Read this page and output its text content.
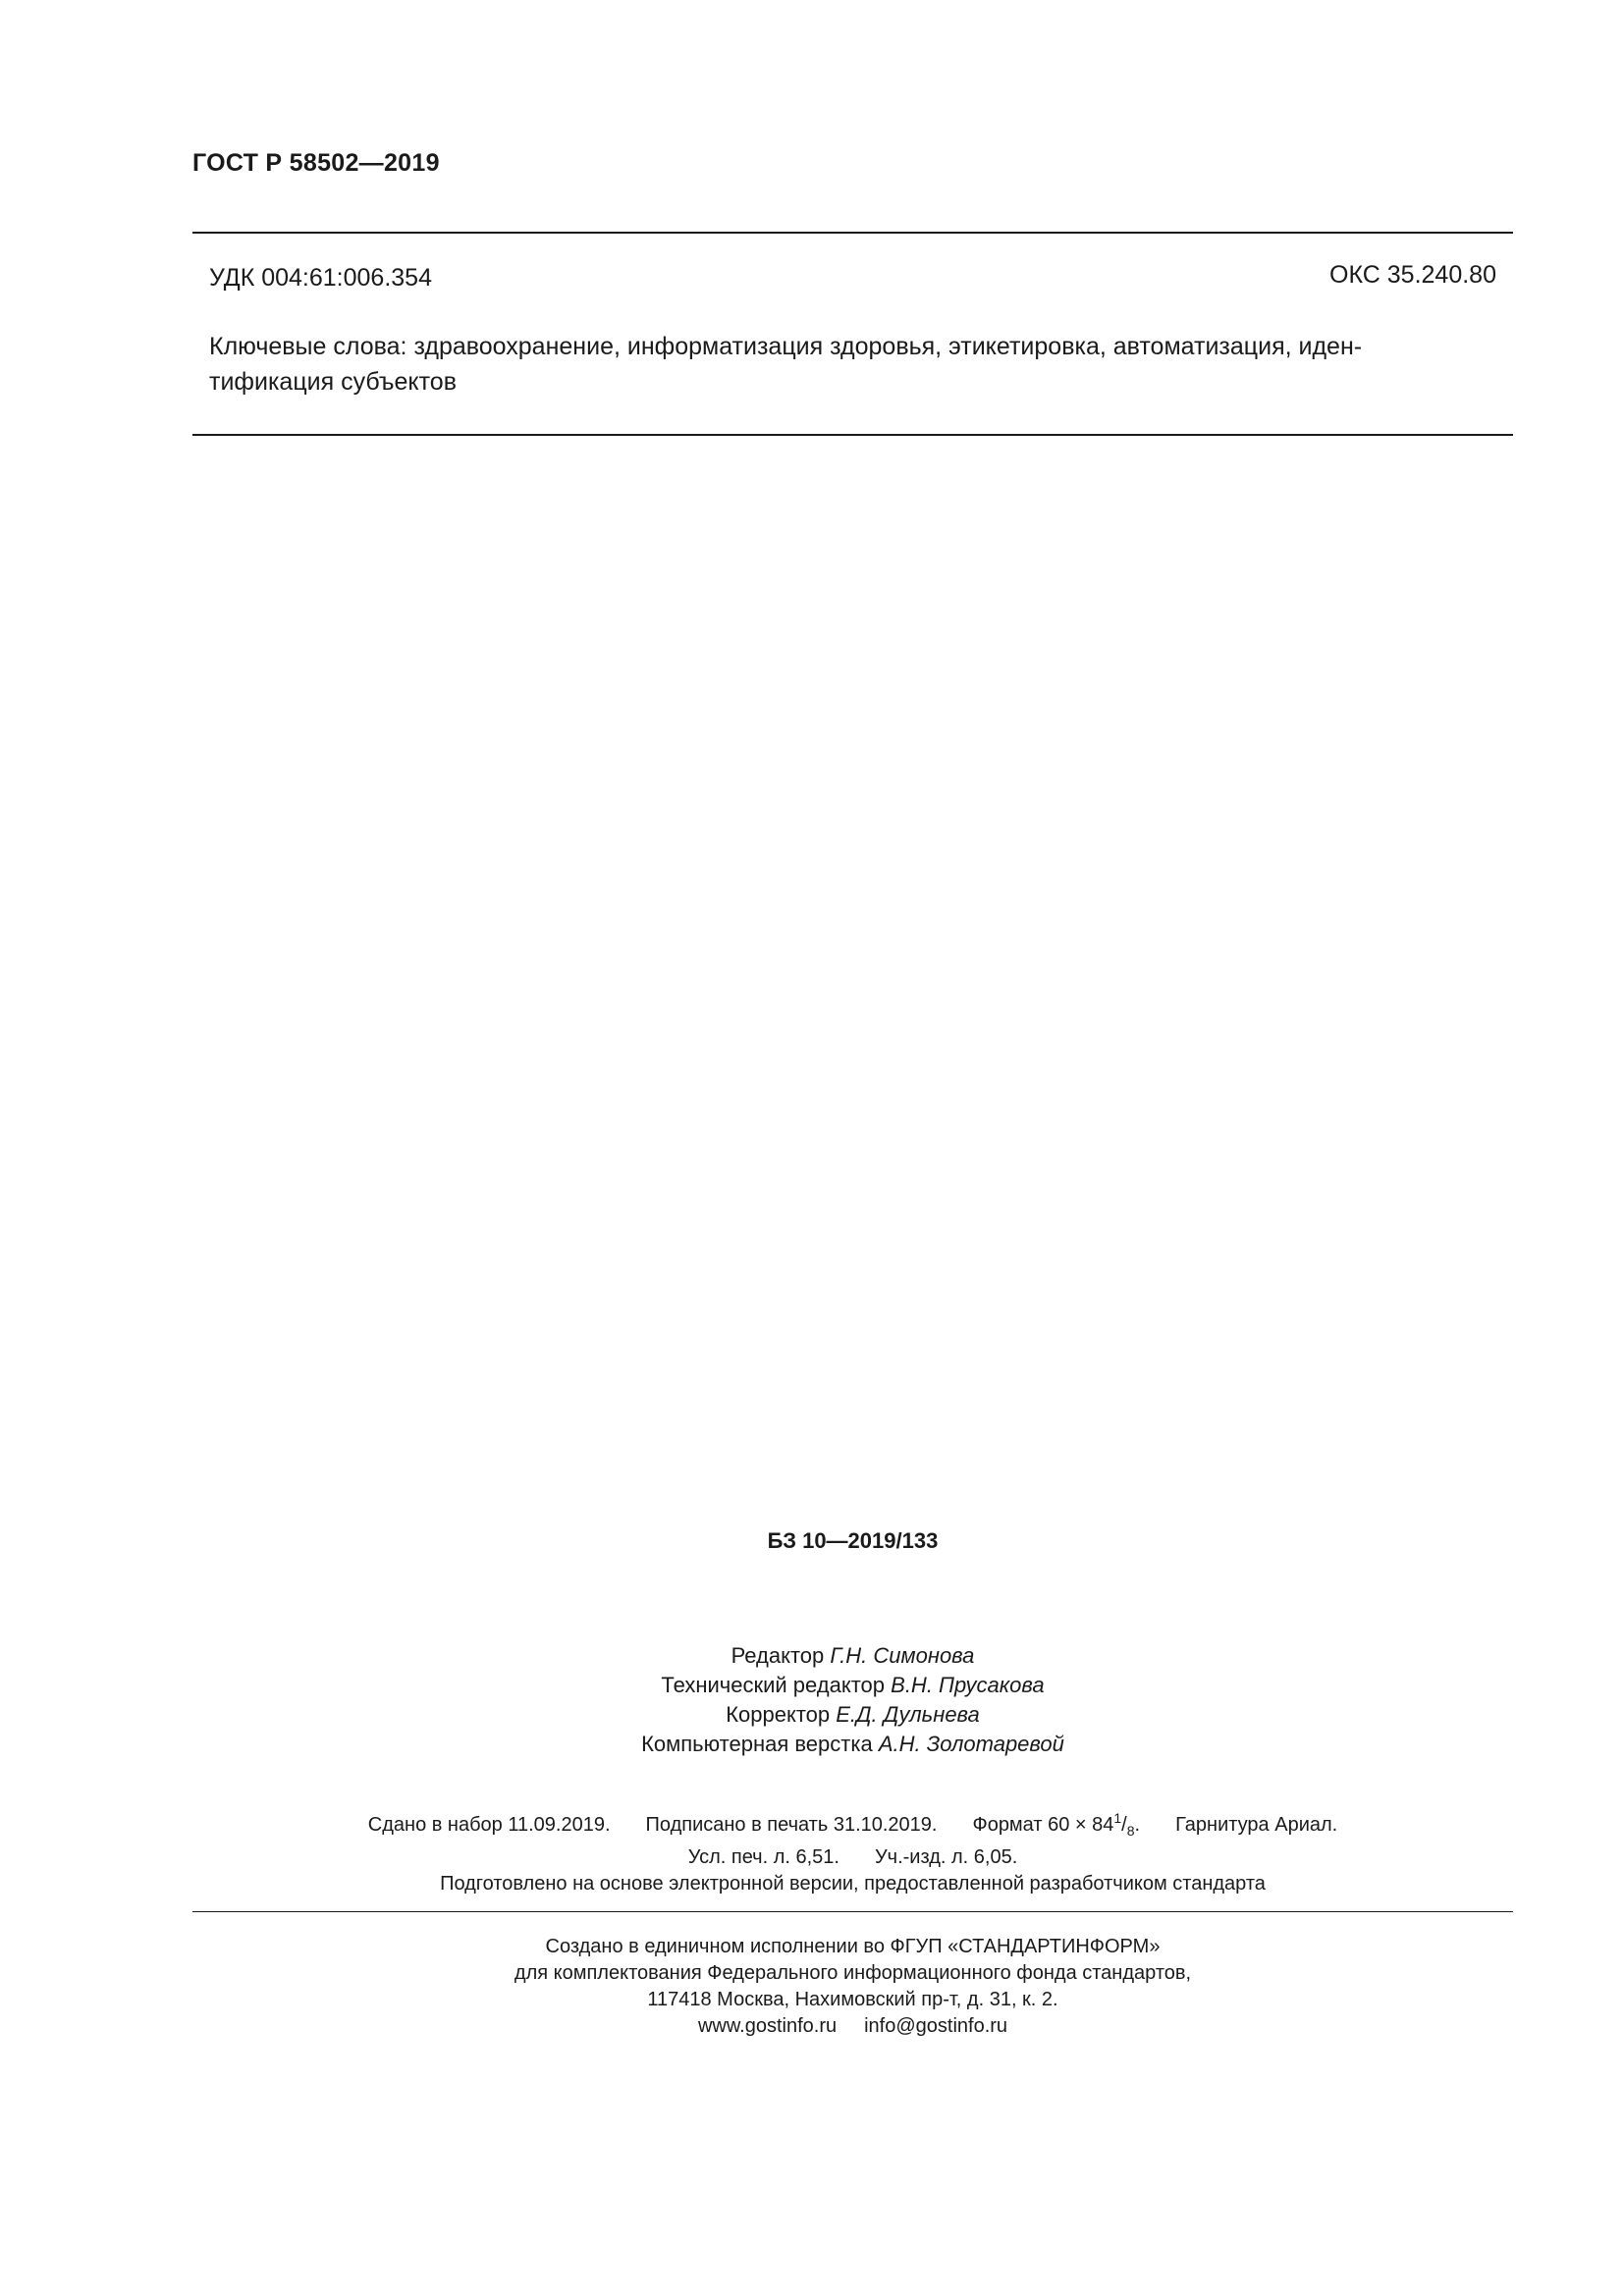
ГОСТ Р 58502—2019
УДК 004:61:006.354	ОКС 35.240.80
Ключевые слова: здравоохранение, информатизация здоровья, этикетировка, автоматизация, иден-
тификация субъектов
БЗ 10—2019/133
Редактор Г.Н. Симонова
Технический редактор В.Н. Прусакова
Корректор Е.Д. Дульнева
Компьютерная верстка А.Н. Золотаревой
Сдано в набор 11.09.2019. Подписано в печать 31.10.2019. Формат $60 \times 84^1/_8$. Гарнитура Ариал.
Усл. печ. л. 6,51. Уч.-изд. л. 6,05.
Подготовлено на основе электронной версии, предоставленной разработчиком стандарта
Создано в единичном исполнении во ФГУП «СТАНДАРТИНФОРМ»
для комплектования Федерального информационного фонда стандартов,
117418 Москва, Нахимовский пр-т, д. 31, к. 2.
www.gostinfo.ru info@gostinfo.ru
